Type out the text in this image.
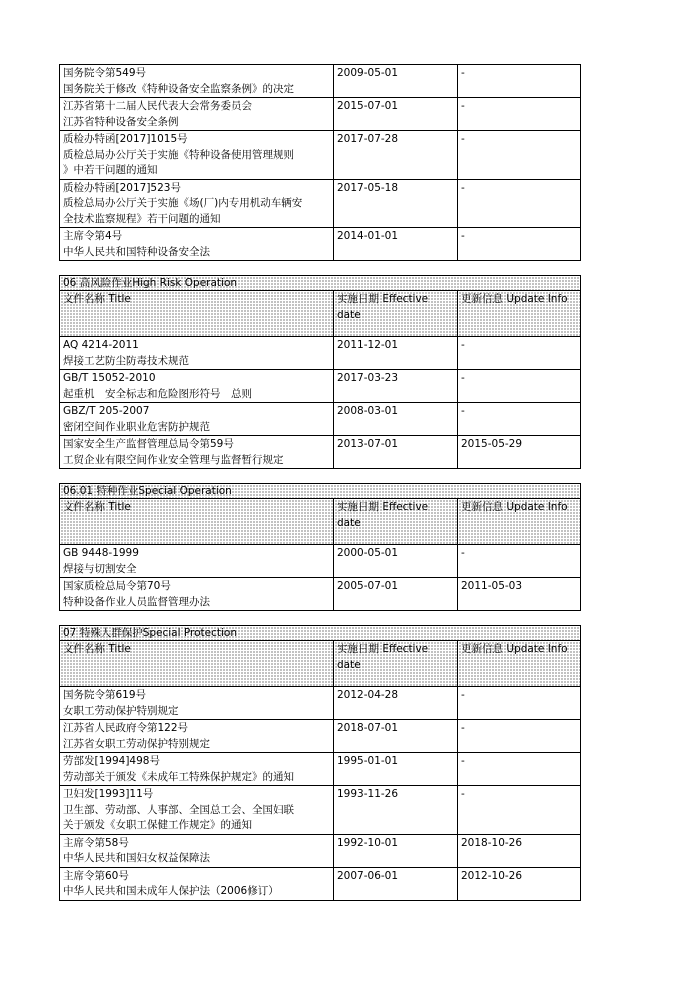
国务院令第549号
国务院关于修改《特种设备安全监察条例》的决定	2009-05-01	-

江苏省第十二届人民代表大会常务委员会
江苏省特种设备安全条例	2015-07-01	-

质检办特函[2017]1015号
质检总局办公厅关于实施《特种设备使用管理规则
》中若干问题的通知	2017-07-28	-

质检办特函[2017]523号
质检总局办公厅关于实施《场(厂)内专用机动车辆安
全技术监察规程》若干问题的通知	2017-05-18	-

主席令第4号
中华人民共和国特种设备安全法	2014-01-01	-

06 高风险作业High Risk Operation		
文件名称 Title	实施日期 Effective date	更新信息 Update Info

AQ 4214-2011
焊接工艺防尘防毒技术规范	2011-12-01	-

GB/T 15052-2010
起重机　安全标志和危险图形符号　总则	2017-03-23	-

GBZ/T 205-2007
密闭空间作业职业危害防护规范	2008-03-01	-

国家安全生产监督管理总局令第59号
工贸企业有限空间作业安全管理与监督暂行规定	2013-07-01	2015-05-29

06.01 特种作业Special Operation		
文件名称 Title	实施日期 Effective date	更新信息 Update Info

GB 9448-1999
焊接与切割安全	2000-05-01	-

国家质检总局令第70号
特种设备作业人员监督管理办法	2005-07-01	2011-05-03

07 特殊人群保护Special Protection		
文件名称 Title	实施日期 Effective date	更新信息 Update Info

国务院令第619号
女职工劳动保护特别规定	2012-04-28	-

江苏省人民政府令第122号
江苏省女职工劳动保护特别规定	2018-07-01	-

劳部发[1994]498号
劳动部关于颁发《未成年工特殊保护规定》的通知	1995-01-01	-

卫妇发[1993]11号
卫生部、劳动部、人事部、全国总工会、全国妇联
关于颁发《女职工保健工作规定》的通知	1993-11-26	-

主席令第58号
中华人民共和国妇女权益保障法	1992-10-01	2018-10-26

主席令第60号
中华人民共和国未成年人保护法（2006修订）	2007-06-01	2012-10-26
